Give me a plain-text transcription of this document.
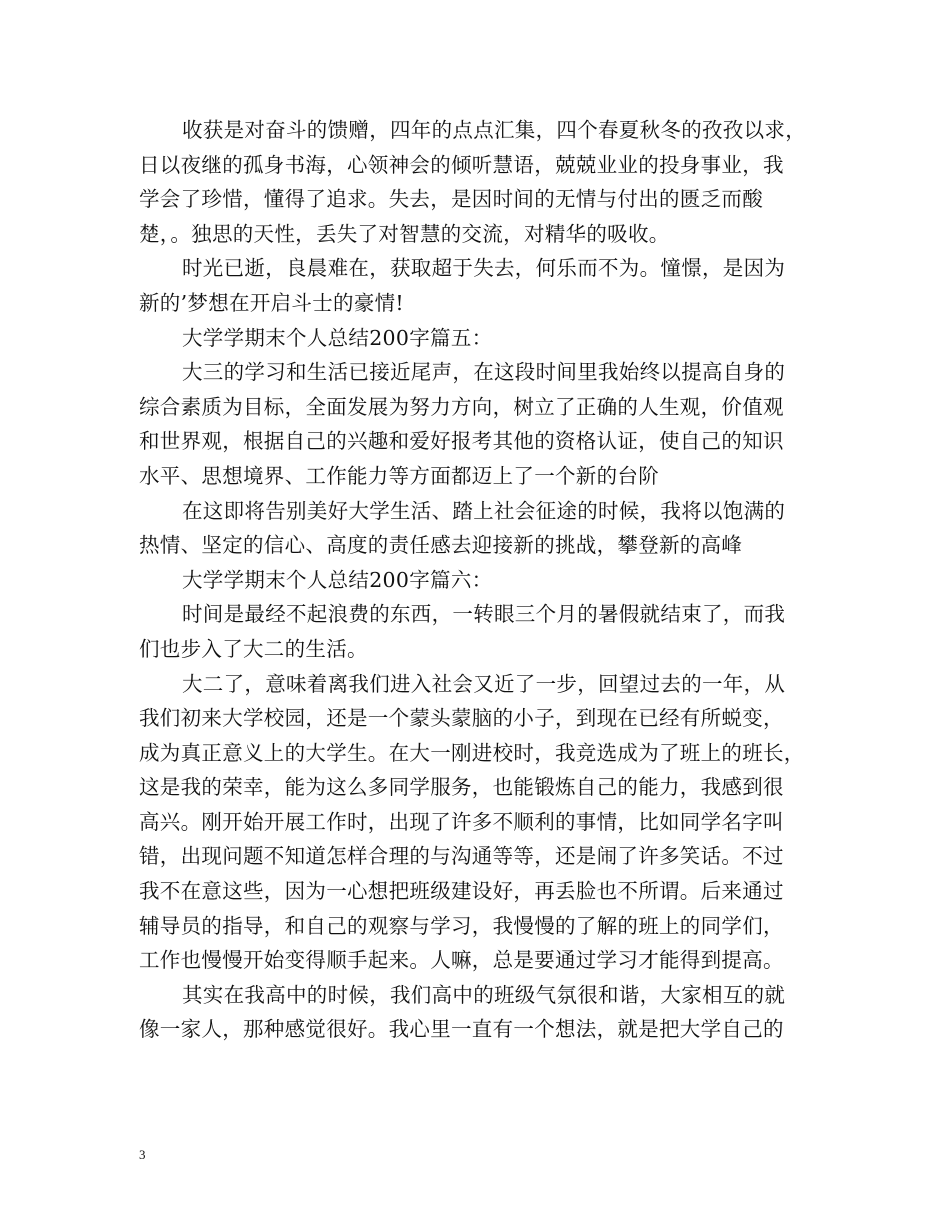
收获是对奋斗的馈赠，四年的点点汇集，四个春夏秋冬的孜孜以求，
日以夜继的孤身书海，心领神会的倾听慧语，兢兢业业的投身事业，我
学会了珍惜，懂得了追求。失去，是因时间的无情与付出的匮乏而酸
楚，。独思的天性，丢失了对智慧的交流，对精华的吸收。
时光已逝，良晨难在，获取超于失去，何乐而不为。憧憬，是因为
新的’梦想在开启斗士的豪情!
大学学期末个人总结200字篇五：
大三的学习和生活已接近尾声，在这段时间里我始终以提高自身的
综合素质为目标，全面发展为努力方向，树立了正确的人生观，价值观
和世界观，根据自己的兴趣和爱好报考其他的资格认证，使自己的知识
水平、思想境界、工作能力等方面都迈上了一个新的台阶
在这即将告别美好大学生活、踏上社会征途的时候，我将以饱满的
热情、坚定的信心、高度的责任感去迎接新的挑战，攀登新的高峰
大学学期末个人总结200字篇六：
时间是最经不起浪费的东西，一转眼三个月的暑假就结束了，而我
们也步入了大二的生活。
大二了，意味着离我们进入社会又近了一步，回望过去的一年，从
我们初来大学校园，还是一个蒙头蒙脑的小子，到现在已经有所蜕变，
成为真正意义上的大学生。在大一刚进校时，我竞选成为了班上的班长，
这是我的荣幸，能为这么多同学服务，也能锻炼自己的能力，我感到很
高兴。刚开始开展工作时，出现了许多不顺利的事情，比如同学名字叫
错，出现问题不知道怎样合理的与沟通等等，还是闹了许多笑话。不过
我不在意这些，因为一心想把班级建设好，再丢脸也不所谓。后来通过
辅导员的指导，和自己的观察与学习，我慢慢的了解的班上的同学们，
工作也慢慢开始变得顺手起来。人嘛，总是要通过学习才能得到提高。
其实在我高中的时候，我们高中的班级气氛很和谐，大家相互的就
像一家人，那种感觉很好。我心里一直有一个想法，就是把大学自己的
3
